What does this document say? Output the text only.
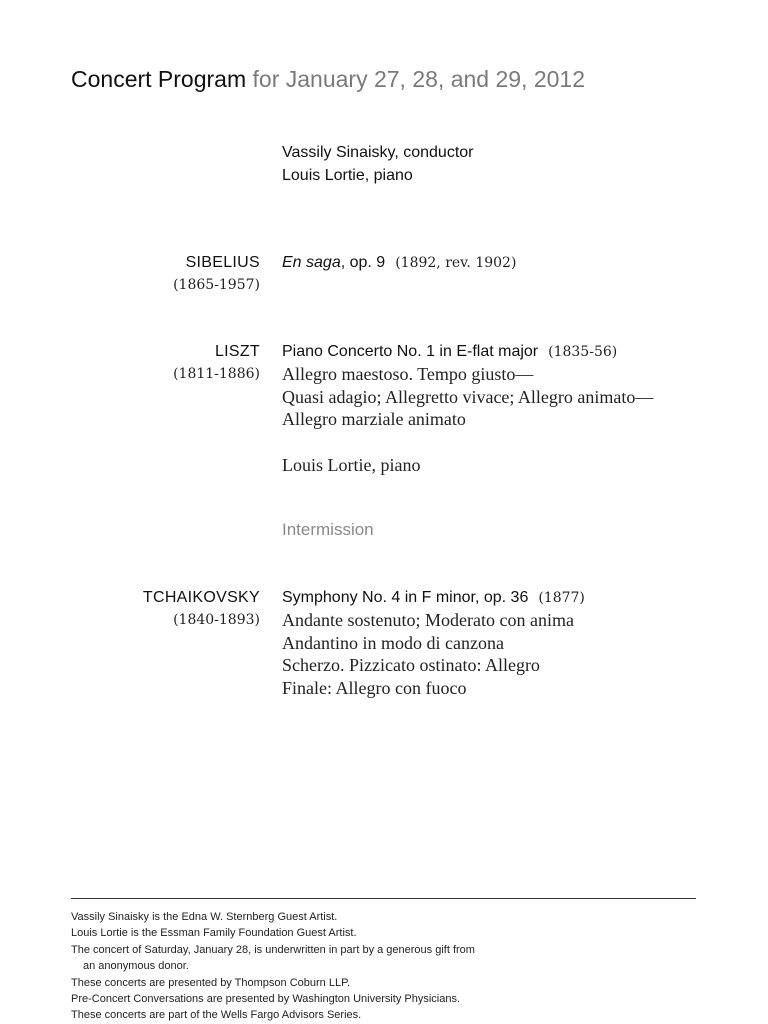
Concert Program for January 27, 28, and 29, 2012
Vassily Sinaisky, conductor
Louis Lortie, piano
SIBELIUS
(1865-1957)
En saga, op. 9 (1892, rev. 1902)
LISZT
(1811-1886)
Piano Concerto No. 1 in E-flat major (1835-56)
Allegro maestoso. Tempo giusto—
Quasi adagio; Allegretto vivace; Allegro animato—
Allegro marziale animato
Louis Lortie, piano
Intermission
TCHAIKOVSKY
(1840-1893)
Symphony No. 4 in F minor, op. 36 (1877)
Andante sostenuto; Moderato con anima
Andantino in modo di canzona
Scherzo. Pizzicato ostinato: Allegro
Finale: Allegro con fuoco
Vassily Sinaisky is the Edna W. Sternberg Guest Artist.
Louis Lortie is the Essman Family Foundation Guest Artist.
The concert of Saturday, January 28, is underwritten in part by a generous gift from
an anonymous donor.
These concerts are presented by Thompson Coburn LLP.
Pre-Concert Conversations are presented by Washington University Physicians.
These concerts are part of the Wells Fargo Advisors Series.
